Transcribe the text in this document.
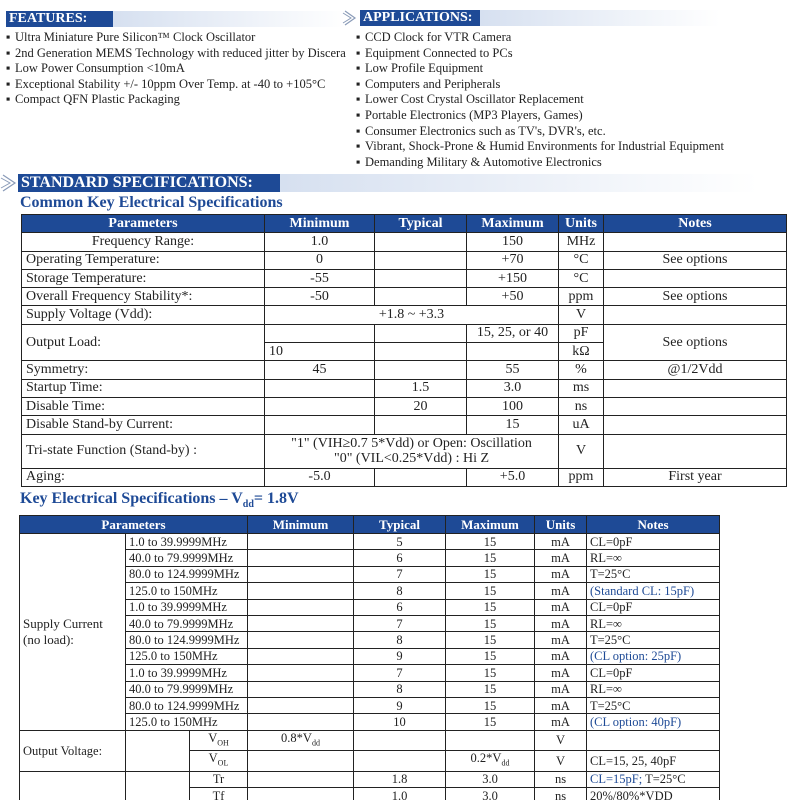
FEATURES:
▪ Ultra Miniature Pure Silicon™ Clock Oscillator
▪ 2nd Generation MEMS Technology with reduced jitter by Discera
▪ Low Power Consumption <10mA
▪ Exceptional Stability +/- 10ppm Over Temp. at -40 to +105°C
▪ Compact QFN Plastic Packaging
APPLICATIONS:
▪ CCD Clock for VTR Camera
▪ Equipment Connected to PCs
▪ Low Profile Equipment
▪ Computers and Peripherals
▪ Lower Cost Crystal Oscillator Replacement
▪ Portable Electronics (MP3 Players, Games)
▪ Consumer Electronics such as TV's, DVR's, etc.
▪ Vibrant, Shock-Prone & Humid Environments for Industrial Equipment
▪ Demanding Military & Automotive Electronics
STANDARD SPECIFICATIONS:
Common Key Electrical Specifications
Parameters	Minimum	Typical	Maximum	Units	Notes
Frequency Range:	1.0		150	MHz	
Operating Temperature:	0		+70	°C	See options
Storage Temperature:	-55		+150	°C	
Overall Frequency Stability*:	-50		+50	ppm	See options
Supply Voltage (Vdd):	+1.8 ~ +3.3			V	
Output Load:			15, 25, or 40	pF	See options
	10			kΩ	
Symmetry:	45		55	%	@1/2Vdd
Startup Time:		1.5	3.0	ms	
Disable Time:		20	100	ns	
Disable Stand-by Current:			15	uA	
Tri-state Function (Stand-by) :	"1" (VIH≥0.7 5*Vdd) or Open: Oscillation
"0" (VIL<0.25*Vdd) : Hi Z			V	
Aging:	-5.0		+5.0	ppm	First year
Key Electrical Specifications – $V_{dd}= 1.8V$
Parameters			Minimum	Typical	Maximum	Units	Notes

Supply Current
(no load):	1.0 to 39.9999MHz			5	15	mA	CL=0pF
	40.0 to 79.9999MHz			6	15	mA	RL=∞
	80.0 to 124.9999MHz			7	15	mA	T=25°C
	125.0 to 150MHz			8	15	mA	(Standard CL: 15pF)
	1.0 to 39.9999MHz			6	15	mA	CL=0pF
	40.0 to 79.9999MHz			7	15	mA	RL=∞
	80.0 to 124.9999MHz			8	15	mA	T=25°C
	125.0 to 150MHz			9	15	mA	(CL option: 25pF)
	1.0 to 39.9999MHz			7	15	mA	CL=0pF
	40.0 to 79.9999MHz			8	15	mA	RL=∞
	80.0 to 124.9999MHz			9	15	mA	T=25°C
	125.0 to 150MHz			10	15	mA	(CL option: 40pF)
Output Voltage:		$V_{OH}$	$0.8*V_{dd}$			V	
		$V_{OL}$			$0.2*V_{dd}$	V	CL=15, 25, 40pF
		Tr		1.8	3.0	ns	CL=15pF; T=25°C
		Tf		1.0	3.0	ns	20%/80%*VDD
